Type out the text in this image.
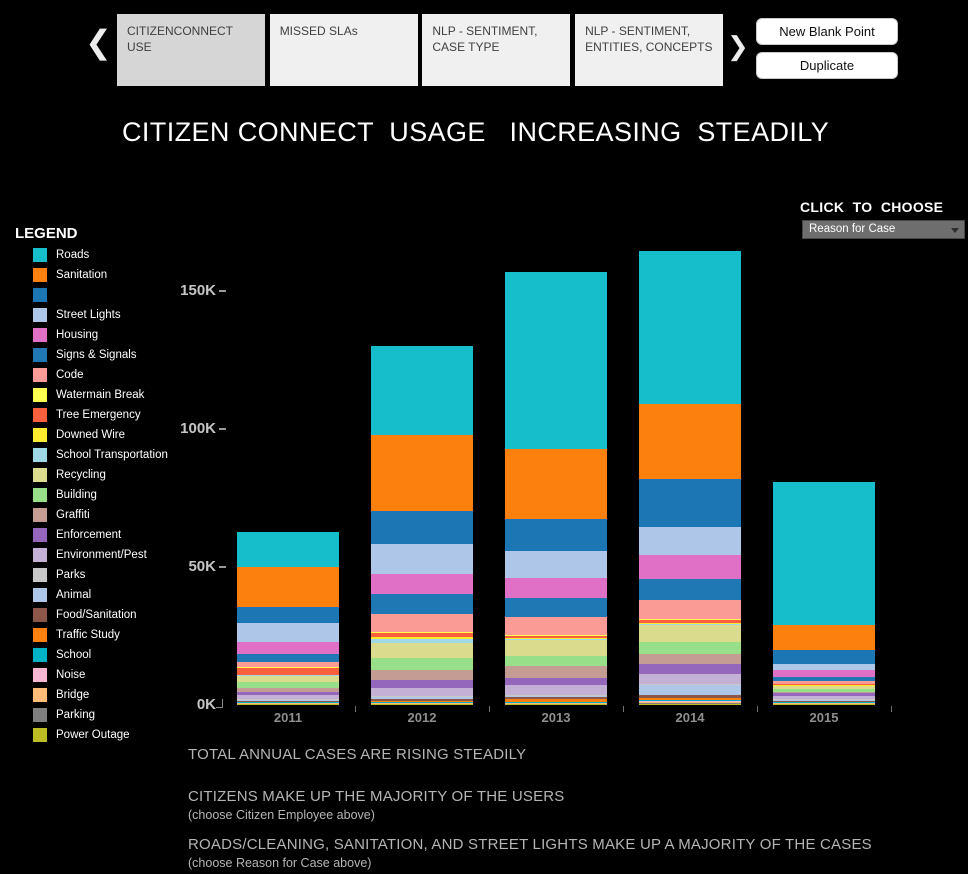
❮	CITIZENCONNECT USE
MISSED SLAs	NLP - SENTIMENT, CASE TYPE
NLP - SENTIMENT, ENTITIES, CONCEPTS ❯	New Blank Point
Duplicate
CITIZEN CONNECT  USAGE   INCREASING  STEADILY
CLICK  TO  CHOOSE
Reason for Case
LEGEND
Roads
Sanitation
Street Lights
Housing
Signs & Signals
Code
Watermain Break
Tree Emergency
Downed Wire
School Transportation
Recycling
Building
Graffiti
Enforcement
Environment/Pest
Parks
Animal
Food/Sanitation
Traffic Study
School
Noise
Bridge
Parking
Power Outage
0K
50K
100K
150K
2011	2012	2013	2014	2015
TOTAL ANNUAL CASES ARE RISING STEADILY
CITIZENS MAKE UP THE MAJORITY OF THE USERS
(choose Citizen Employee above)
ROADS/CLEANING, SANITATION, AND STREET LIGHTS MAKE UP A MAJORITY OF THE CASES
(choose Reason for Case above)
